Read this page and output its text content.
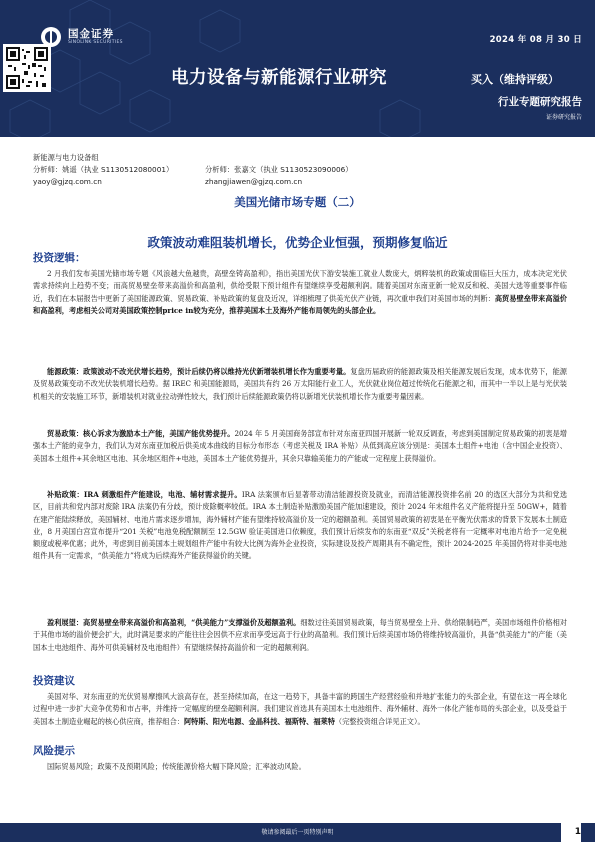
国金证券
SINOLINK SECURITIES	2024 年 08 月 30 日
电力设备与新能源行业研究	买入（维持评级）
行业专题研究报告
证券研究报告
新能源与电力设备组
分析师：姚遥（执业 S1130512080001）	分析师：张嘉文（执业 S1130523090006）
yaoy@gjzq.com.cn	zhangjiawen@gjzq.com.cn
美国光储市场专题（二）
政策波动难阻装机增长，优势企业恒强，预期修复临近
投资逻辑：
2 月我们发布美国光储市场专题《风浪越大鱼越贵，高壁垒铸高盈利》，指出美国光伏下游安装施工就业人数庞大，炳粹装机的政策或面临巨大压力，成本决定光伏需求持续向上趋势不变；而高贸易壁垒带来高溢价和高盈利，供给受限下预计组件有望继续享受超额利润。随着美国对东南亚新一轮双反和税、美国大选等重要事件临近，我们在本届报告中更新了美国能源政策、贸易政策、补贴政策的复盘及近况，详细梳理了供美光伏产业链，再次重申我们对美国市场的判断：高贸易壁垒带来高溢价和高盈利，考虑相关公司对美国政策控制price in较为充分，推荐美国本土及海外产能布局领先的头部企业。
能源政策：政策波动不改光伏增长趋势，预计后续仍将以维持光伏新增装机增长作为重要考量。复盘历届政府的能源政策及相关能源发展后发现，成本优势下，能源及贸易政策变动不改光伏装机增长趋势。据 IREC 和美国能源局，美国共有约 26 万太阳能行业工人，光伏就业岗位超过传统化石能源之和，而其中一半以上是与光伏装机相关的安装施工环节，新增装机对就业拉动弹性较大，我们预计后续能源政策仍将以新增光伏装机增长作为重要考量因素。
贸易政策：核心诉求为激励本土产能，美国产能优势提升。2024 年 5 月美国商务部宣布针对东南亚四国开展新一轮双反调查，考虑到美国制定贸易政策的初衷是增强本土产能的竞争力，我们认为对东南亚加税后供美成本曲线的目标分布形态（考虑关税及 IRA 补贴）从低到高应该分别是：美国本土组件+电池（含中国企业投资）、美国本土组件+其余地区电池、其余地区组件+电池，美国本土产能优势提升，其余只靠输美能力的产能或一定程度上获得溢价。
补贴政策：IRA 刺激组件产能建设，电池、辅材需求提升。IRA 法案颁布后显著带动清洁能源投资及就业，而清洁能源投资排名前 20 的选区大部分为共和党选区，目前共和党内部对废除 IRA 法案仍有分歧，预计废除概率较低。IRA 本土制造补贴激励美国产能加速建设，预计 2024 年末组件名义产能将提升至 50GW+，随着在建产能陆续释放，美国辅材、电池片需求逐步增加，海外辅材产能有望维持较高溢价及一定的超额盈利。美国贸易政策的初衷是在平衡光伏需求的背景下发展本土制造业，8 月美国白宫宣布提升“201 关税”电池免税配额制至 12.5GW 验证美国进口依赖度，我们预计后续发布的东南亚“双反”关税老将有一定概率对电池片给予一定免税额度或税率优惠；此外，考虑到目前美国本土规划组件产能中有较大比例为海外企业投资，实际建设及投产周期具有不确定性，预计 2024-2025 年美国仍将对非美电池组件具有一定需求，“供美能力”将成为后续海外产能获得溢价的关键。
盈利展望：高贸易壁垒带来高溢价和高盈利，“供美能力”支撑溢价及超额盈利。细数过往美国贸易政策，每当贸易壁垒上升、供给限制趋严，美国市场组件价格相对于其他市场的溢价便会扩大，此时满足要求的产能往往会因供不应求而享受远高于行业的高盈利。我们预计后续美国市场仍将维持较高溢价，具备“供美能力”的产能（美国本土电池组件、海外可供美辅材及电池组件）有望继续保持高溢价和一定的超额利润。
投资建议
美国对华、对东南亚的光伏贸易摩擦风大浪高存在，甚至持续加高，在这一趋势下，具备丰富的跨国生产经营经验和并地扩张能力的头部企业，有望在这一再全球化过程中进一步扩大竞争优势和市占率，并维持一定幅度的壁垒超额利润。我们建议首选具有美国本土电池组件、海外辅材、海外一体化产能布局的头部企业，以及受益于美国本土制造业崛起的核心供应商，推荐组合：阿特斯、阳光电源、金晶科技、福斯特、福莱特（完整投资组合详见正文）。
风险提示
国际贸易风险；政策不及预期风险；传统能源价格大幅下降风险；汇率波动风险。
敬请参阅最后一页特别声明	1
